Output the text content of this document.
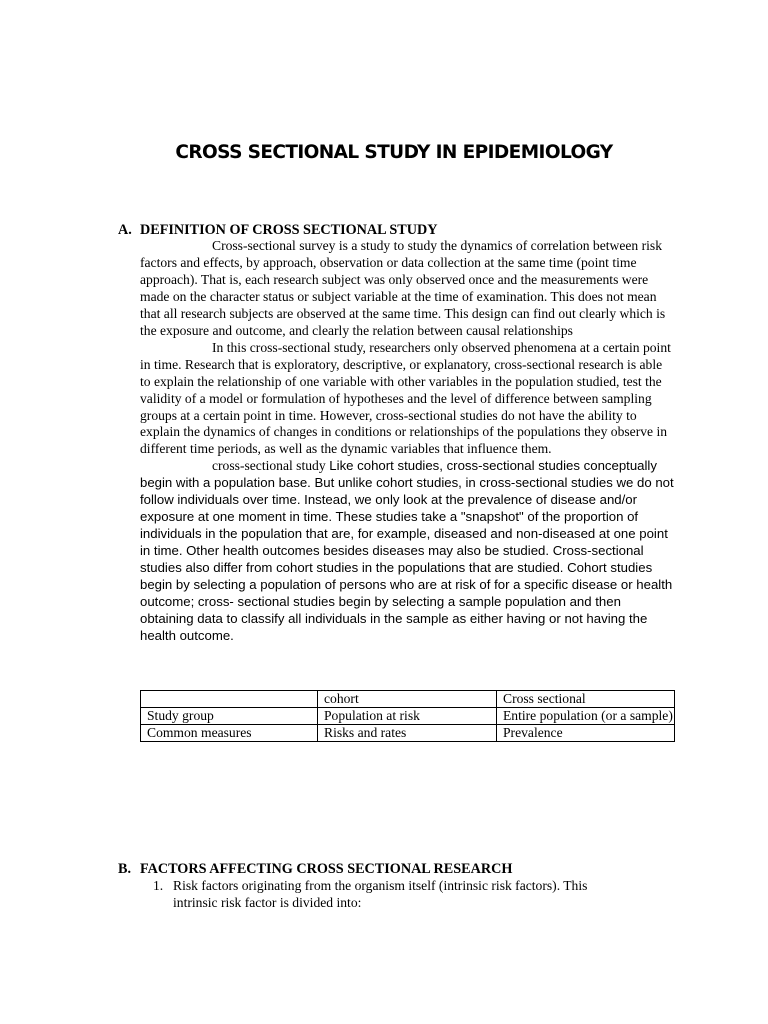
CROSS SECTIONAL STUDY IN EPIDEMIOLOGY
A. DEFINITION OF CROSS SECTIONAL STUDY

Cross-sectional survey is a study to study the dynamics of correlation between risk factors and effects, by approach, observation or data collection at the same time (point time approach). That is, each research subject was only observed once and the measurements were made on the character status or subject variable at the time of examination. This does not mean that all research subjects are observed at the same time. This design can find out clearly which is the exposure and outcome, and clearly the relation between causal relationships

In this cross-sectional study, researchers only observed phenomena at a certain point in time. Research that is exploratory, descriptive, or explanatory, cross-sectional research is able to explain the relationship of one variable with other variables in the population studied, test the validity of a model or formulation of hypotheses and the level of difference between sampling groups at a certain point in time. However, cross-sectional studies do not have the ability to explain the dynamics of changes in conditions or relationships of the populations they observe in different time periods, as well as the dynamic variables that influence them.

cross-sectional study Like cohort studies, cross-sectional studies conceptually begin with a population base. But unlike cohort studies, in cross-sectional studies we do not follow individuals over time. Instead, we only look at the prevalence of disease and/or exposure at one moment in time. These studies take a "snapshot" of the proportion of individuals in the population that are, for example, diseased and non-diseased at one point in time. Other health outcomes besides diseases may also be studied. Cross-sectional studies also differ from cohort studies in the populations that are studied. Cohort studies begin by selecting a population of persons who are at risk of for a specific disease or health outcome; cross- sectional studies begin by selecting a sample population and then obtaining data to classify all individuals in the sample as either having or not having the health outcome.

	cohort	Cross sectional
Study group	Population at risk	Entire population (or a sample)
Common measures	Risks and rates	Prevalence
B. FACTORS AFFECTING CROSS SECTIONAL RESEARCH
1. Risk factors originating from the organism itself (intrinsic risk factors). This
intrinsic risk factor is divided into:
